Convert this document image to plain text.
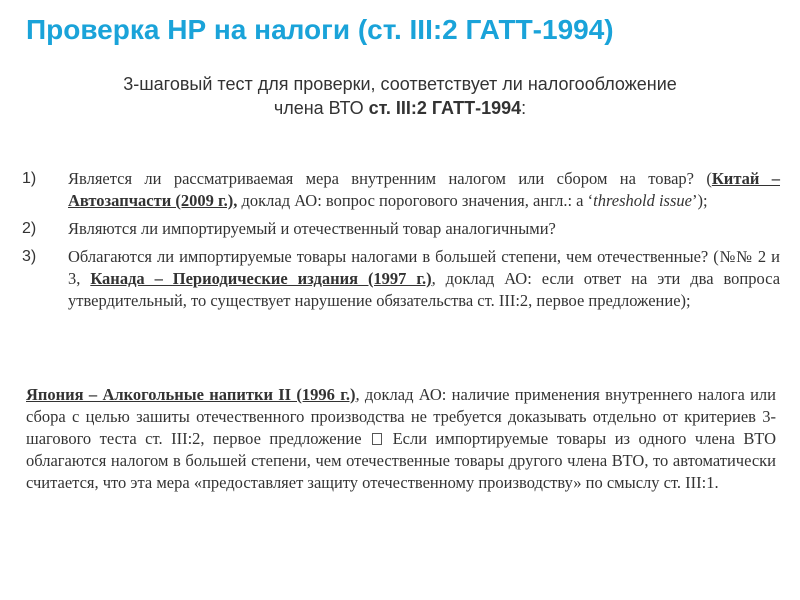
Проверка НР на налоги (ст. III:2 ГАТТ-1994)
3-шаговый тест для проверки, соответствует ли налогообложение
члена ВТО ст. III:2 ГАТТ-1994:
1) Является ли рассматриваемая мера внутренним налогом или сбором на товар? (Китай – Автозапчасти (2009 г.), доклад АО: вопрос порогового значения, англ.: а ‘threshold issue’);
2) Являются ли импортируемый и отечественный товар аналогичными?
3) Облагаются ли импортируемые товары налогами в большей степени, чем отечественные? (№№ 2 и 3, Канада – Периодические издания (1997 г.), доклад АО: если ответ на эти два вопроса утвердительный, то существует нарушение обязательства ст. III:2, первое предложение);
Япония – Алкогольные напитки II (1996 г.), доклад АО: наличие применения внутреннего налога или сбора с целью зашиты отечественного производства не требуется доказывать отдельно от критериев 3-шагового теста ст. III:2, первое предложение  Если импортируемые товары из одного члена ВТО облагаются налогом в большей степени, чем отечественные товары другого члена ВТО, то автоматически считается, что эта мера «предоставляет защиту отечественному производству» по смыслу ст. III:1.
